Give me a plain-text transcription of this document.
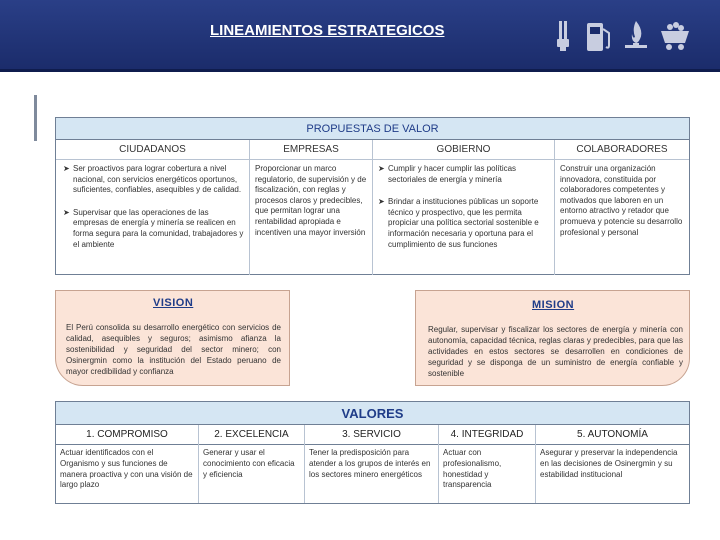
LINEAMIENTOS ESTRATEGICOS
PROPUESTAS DE VALOR
CIUDADANOS
➤ Ser proactivos para lograr cobertura a nivel nacional, con servicios energéticos oportunos, suficientes, confiables, asequibles y de calidad.
➤ Supervisar que las operaciones de las empresas de energía y minería se realicen en forma segura para la comunidad, trabajadores y el ambiente
EMPRESAS
Proporcionar un marco regulatorio, de supervisión y de fiscalización, con reglas y procesos claros y predecibles, que permitan lograr una rentabilidad apropiada e incentiven una mayor inversión
GOBIERNO
➤ Cumplir y hacer cumplir las políticas sectoriales de energía y minería
➤ Brindar a instituciones públicas un soporte técnico y prospectivo, que les permita propiciar una política sectorial sostenible e información necesaria y oportuna para el cumplimiento de sus funciones
COLABORADORES
Construir una organización innovadora, constituida por colaboradores competentes y motivados que laboren en un entorno atractivo y retador que promueva y potencie su desarrollo profesional y personal
VISION
El Perú consolida su desarrollo energético con servicios de calidad, asequibles y seguros; asimismo afianza la sostenibilidad y seguridad del sector minero; con Osinergmin como la institución del Estado peruano de mayor credibilidad y confianza
MISION
Regular, supervisar y fiscalizar los sectores de energía y minería con autonomía, capacidad técnica, reglas claras y predecibles, para que las actividades en estos sectores se desarrollen en condiciones de seguridad y se disponga de un suministro de energía confiable y sostenible
VALORES
1. COMPROMISO
Actuar identificados con el Organismo y sus funciones de manera proactiva y con una visión de largo plazo
2. EXCELENCIA
Generar y usar el conocimiento con eficacia y eficiencia
3. SERVICIO
Tener la predisposición para atender a los grupos de interés en los sectores minero energéticos
4. INTEGRIDAD
Actuar con profesionalismo, honestidad y transparencia
5. AUTONOMÍA
Asegurar y preservar la independencia en las decisiones de Osinergmin y su estabilidad institucional
